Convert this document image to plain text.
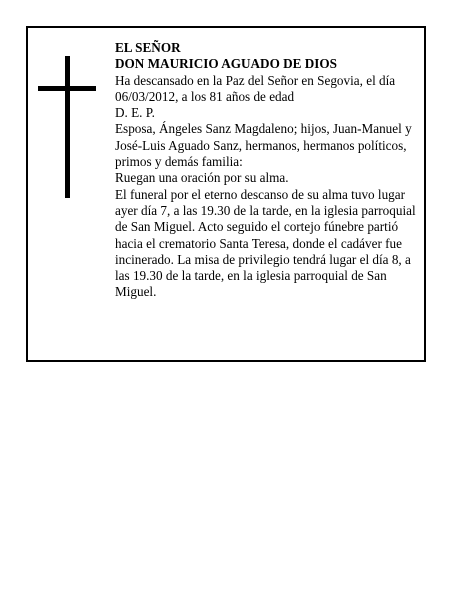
EL SEÑOR

DON MAURICIO AGUADO DE DIOS

Ha descansado en la Paz del Señor en Segovia, el día 06/03/2012, a los 81 años de edad

D. E. P.

Esposa, Ángeles Sanz Magdaleno; hijos, Juan-Manuel y José-Luis Aguado Sanz, hermanos, hermanos políticos, primos y demás familia:

Ruegan una oración por su alma.

El funeral por el eterno descanso de su alma tuvo lugar ayer día 7, a las 19.30 de la tarde, en la iglesia parroquial de San Miguel. Acto seguido el cortejo fúnebre partió hacia el crematorio Santa Teresa, donde el cadáver fue incinerado. La misa de privilegio tendrá lugar el día 8, a las 19.30 de la tarde, en la iglesia parroquial de San Miguel.
